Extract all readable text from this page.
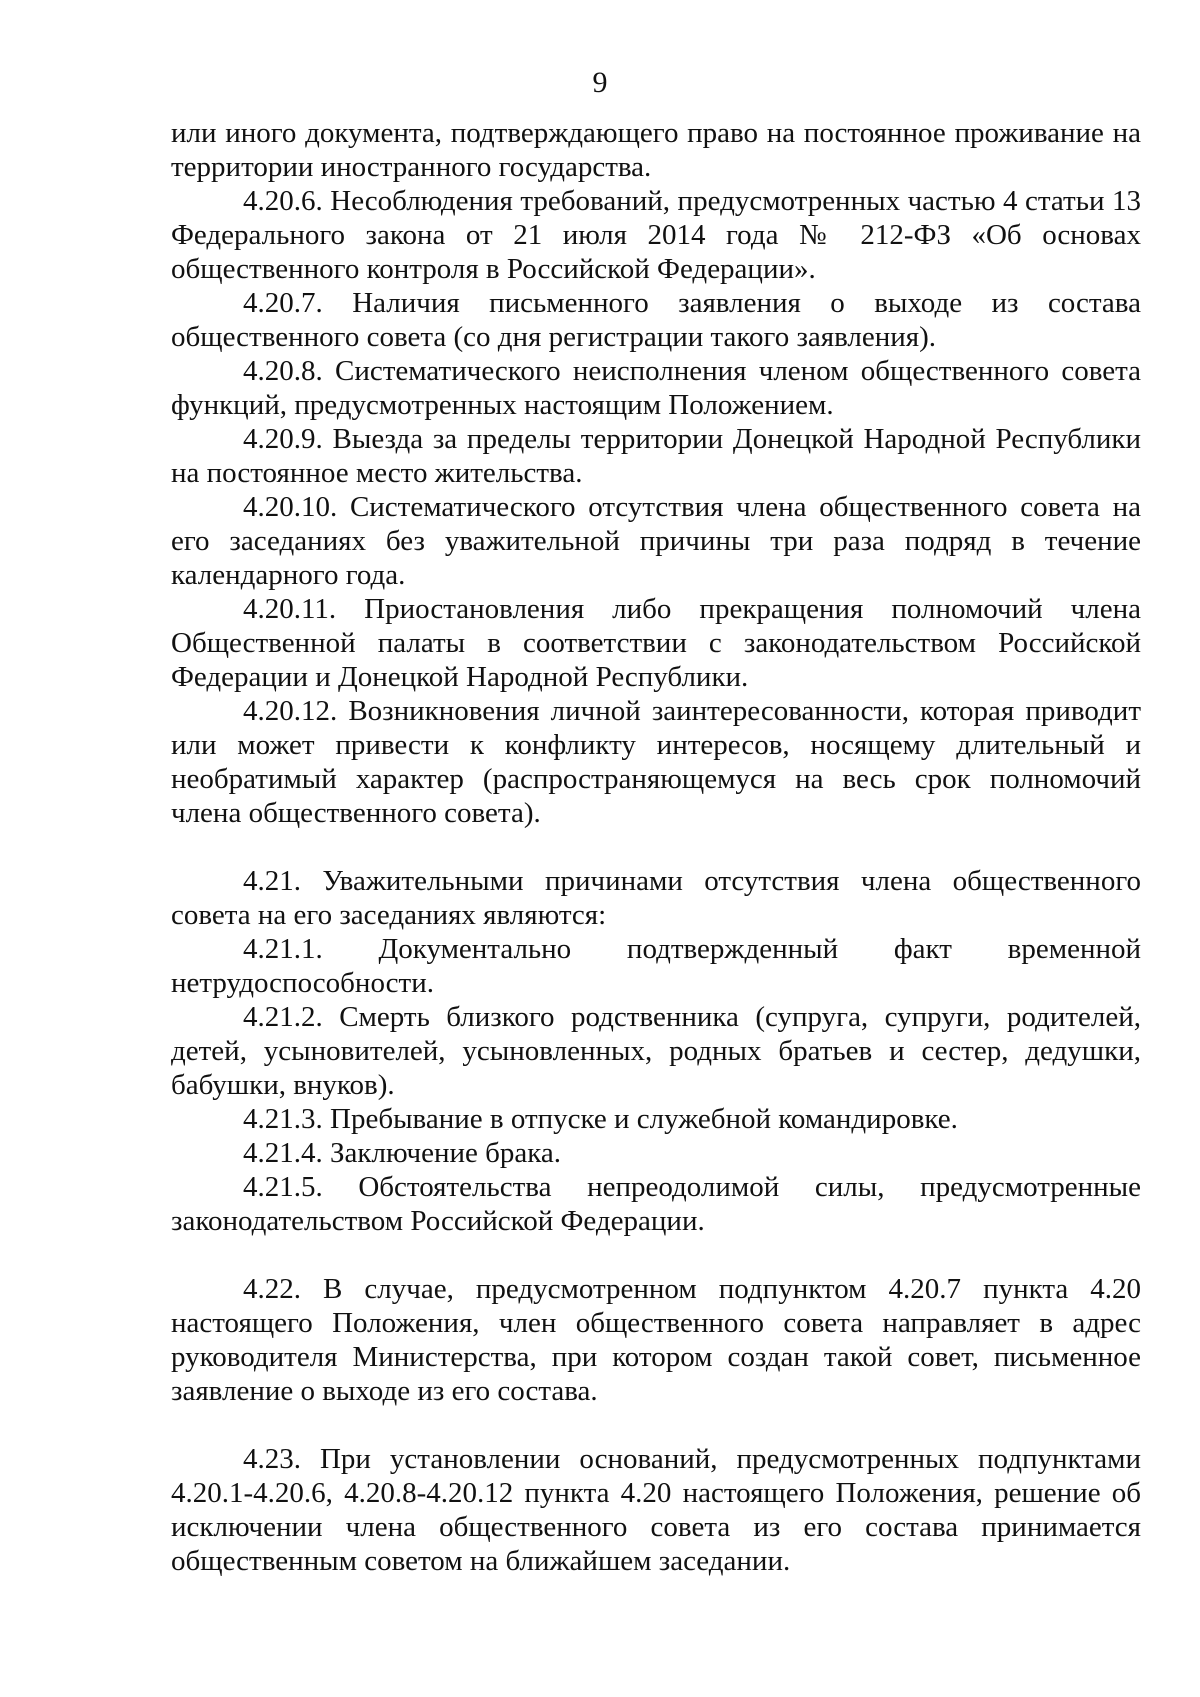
9

или иного документа, подтверждающего право на постоянное проживание на территории иностранного государства.

4.20.6. Несоблюдения требований, предусмотренных частью 4 статьи 13 Федерального закона от 21 июля 2014 года № 212-ФЗ «Об основах общественного контроля в Российской Федерации».

4.20.7. Наличия письменного заявления о выходе из состава общественного совета (со дня регистрации такого заявления).

4.20.8. Систематического неисполнения членом общественного совета функций, предусмотренных настоящим Положением.

4.20.9. Выезда за пределы территории Донецкой Народной Республики на постоянное место жительства.

4.20.10. Систематического отсутствия члена общественного совета на его заседаниях без уважительной причины три раза подряд в течение календарного года.

4.20.11. Приостановления либо прекращения полномочий члена Общественной палаты в соответствии с законодательством Российской Федерации и Донецкой Народной Республики.

4.20.12. Возникновения личной заинтересованности, которая приводит или может привести к конфликту интересов, носящему длительный и необратимый характер (распространяющемуся на весь срок полномочий члена общественного совета).

4.21. Уважительными причинами отсутствия члена общественного совета на его заседаниях являются:

4.21.1. Документально подтвержденный факт временной нетрудоспособности.

4.21.2. Смерть близкого родственника (супруга, супруги, родителей, детей, усыновителей, усыновленных, родных братьев и сестер, дедушки, бабушки, внуков).

4.21.3. Пребывание в отпуске и служебной командировке.

4.21.4. Заключение брака.

4.21.5. Обстоятельства непреодолимой силы, предусмотренные законодательством Российской Федерации.

4.22. В случае, предусмотренном подпунктом 4.20.7 пункта 4.20 настоящего Положения, член общественного совета направляет в адрес руководителя Министерства, при котором создан такой совет, письменное заявление о выходе из его состава.

4.23. При установлении оснований, предусмотренных подпунктами 4.20.1-4.20.6, 4.20.8-4.20.12 пункта 4.20 настоящего Положения, решение об исключении члена общественного совета из его состава принимается общественным советом на ближайшем заседании.
